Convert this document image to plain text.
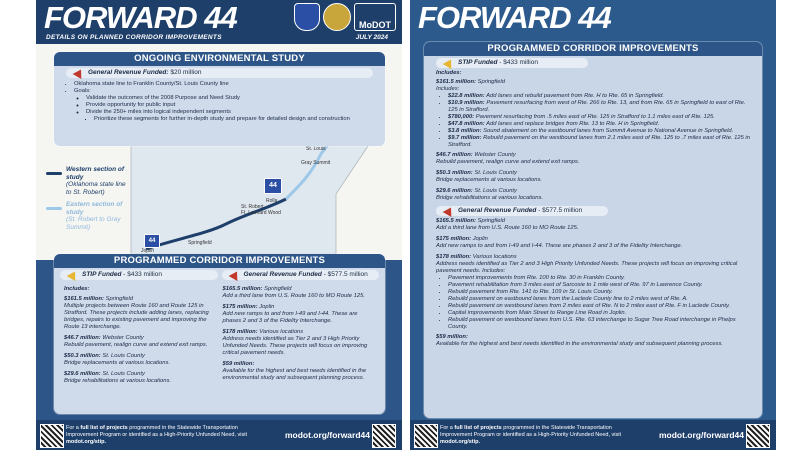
FORWARD 44	MoDOT
DETAILS ON PLANNED CORRIDOR IMPROVEMENTS	JULY 2024
44
44
St. Louis
Gray Summit
Rolla
St. Robert
Ft. Leonard Wood
Springfield
Joplin
Western section of study
(Oklahoma state line to St. Robert)
Eastern section of study
(St. Robert to Gray Summit)
ONGOING ENVIRONMENTAL STUDY
General Revenue Funded: $20 million
• Oklahoma state line to Franklin County/St. Louis County line
• Goals:
◦ Validate the outcomes of the 2008 Purpose and Need Study
◦ Provide opportunity for public input
◦ Divide the 250+ miles into logical independent segments
▪ Prioritize these segments for further in-depth study and prepare for detailed design and construction
PROGRAMMED CORRIDOR IMPROVEMENTS
STIP Funded - $433 million	General Revenue Funded - $577.5 million
Includes:
$161.5 million: Springfield
Multiple projects between Route 160 and Route 125 in Strafford. These projects include adding lanes, replacing bridges, repairs to existing pavement and improving the Route 13 interchange.
$46.7 million: Webster County
Rebuild pavement, realign curve and extend exit ramps.
$50.3 million: St. Louis County
Bridge replacements at various locations.
$29.6 million: St. Louis County
Bridge rehabilitations at various locations.
$165.5 million: Springfield
Add a third lane from U.S. Route 160 to MO Route 125.
$175 million: Joplin
Add new ramps to and from I-49 and I-44. These are phases 2 and 3 of the Fidelity Interchange.
$178 million: Various locations
Address needs identified as Tier 2 and 3 High Priority Unfunded Needs. These projects will focus on improving critical pavement needs.
$59 million:
Available for the highest and best needs identified in the environmental study and subsequent planning process.
For a full list of projects programmed in the Statewide Transportation Improvement Program or identified as a High-Priority Unfunded Need, visit modot.org/stip.
modot.org/forward44
FORWARD 44
PROGRAMMED CORRIDOR IMPROVEMENTS
STIP Funded - $433 million
Includes:
$161.5 million: Springfield
Includes:
• $22.8 million: Add lanes and rebuild pavement from Rte. H to Rte. 65 in Springfield.
• $10.9 million: Pavement resurfacing from west of Rte. 266 to Rte. 13, and from Rte. 65 in Springfield to east of Rte. 125 in Strafford.
• $780,000: Pavement resurfacing from .5 miles east of Rte. 125 in Strafford to 1.1 miles east of Rte. 125.
• $47.8 million: Add lanes and replace bridges from Rte. 13 to Rte. H in Springfield.
• $3.8 million: Sound abatement on the eastbound lanes from Summit Avenue to National Avenue in Springfield.
• $9.7 million: Rebuild pavement on the westbound lanes from 2.1 miles east of Rte. 125 to .7 miles east of Rte. 125 in Strafford.
$46.7 million: Webster County
Rebuild pavement, realign curve and extend exit ramps.
$50.3 million: St. Louis County
Bridge replacements at various locations.
$29.6 million: St. Louis County
Bridge rehabilitations at various locations.
General Revenue Funded - $577.5 million
$165.5 million: Springfield
Add a third lane from U.S. Route 160 to MO Route 125.
$175 million: Joplin
Add new ramps to and from I-49 and I-44. These are phases 2 and 3 of the Fidelity Interchange.
$178 million: Various locations
Address needs identified as Tier 2 and 3 High Priority Unfunded Needs. These projects will focus on improving critical pavement needs. Includes:
• Pavement improvements from Rte. 100 to Rte. 30 in Franklin County.
• Pavement rehabilitation from 3 miles east of Sarcoxie to 1 mile west of Rte. 97 in Lawrence County.
• Rebuild pavement from Rte. 141 to Rte. 109 in St. Louis County.
• Rebuild pavement on eastbound lanes from the Laclede County line to 2 miles west of Rte. A.
• Rebuild pavement on westbound lanes from 2 miles east of Rte. N to 2 miles east of Rte. F in Laclede County.
• Capital improvements from Main Street to Range Line Road in Joplin.
• Rebuild pavement on westbound lanes from U.S. Rte. 63 interchange to Sugar Tree Road interchange in Phelps County.
$59 million:
Available for the highest and best needs identified in the environmental study and subsequent planning process.
For a full list of projects programmed in the Statewide Transportation Improvement Program or identified as a High-Priority Unfunded Need, visit modot.org/stip.
modot.org/forward44
